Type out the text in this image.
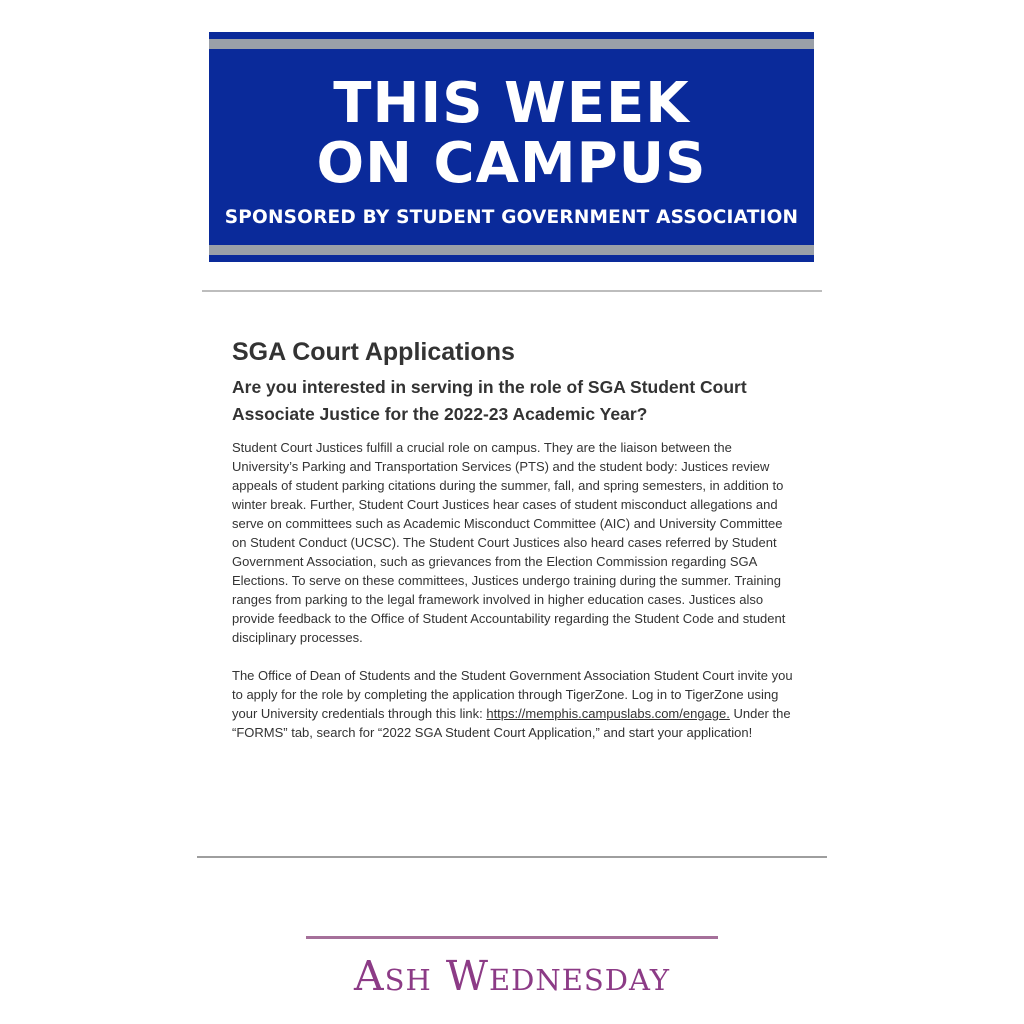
THIS WEEK
ON CAMPUS
SPONSORED BY STUDENT GOVERNMENT ASSOCIATION
SGA Court Applications
Are you interested in serving in the role of SGA Student Court Associate Justice for the 2022-23 Academic Year?

Student Court Justices fulfill a crucial role on campus. They are the liaison between the University’s Parking and Transportation Services (PTS) and the student body: Justices review appeals of student parking citations during the summer, fall, and spring semesters, in addition to winter break. Further, Student Court Justices hear cases of student misconduct allegations and serve on committees such as Academic Misconduct Committee (AIC) and University Committee on Student Conduct (UCSC). The Student Court Justices also heard cases referred by Student Government Association, such as grievances from the Election Commission regarding SGA Elections. To serve on these committees, Justices undergo training during the summer. Training ranges from parking to the legal framework involved in higher education cases. Justices also provide feedback to the Office of Student Accountability regarding the Student Code and student disciplinary processes.

The Office of Dean of Students and the Student Government Association Student Court invite you to apply for the role by completing the application through TigerZone. Log in to TigerZone using your University credentials through this link: https://memphis.campuslabs.com/engage. Under the “FORMS” tab, search for “2022 SGA Student Court Application,” and start your application!

Ash Wednesday
